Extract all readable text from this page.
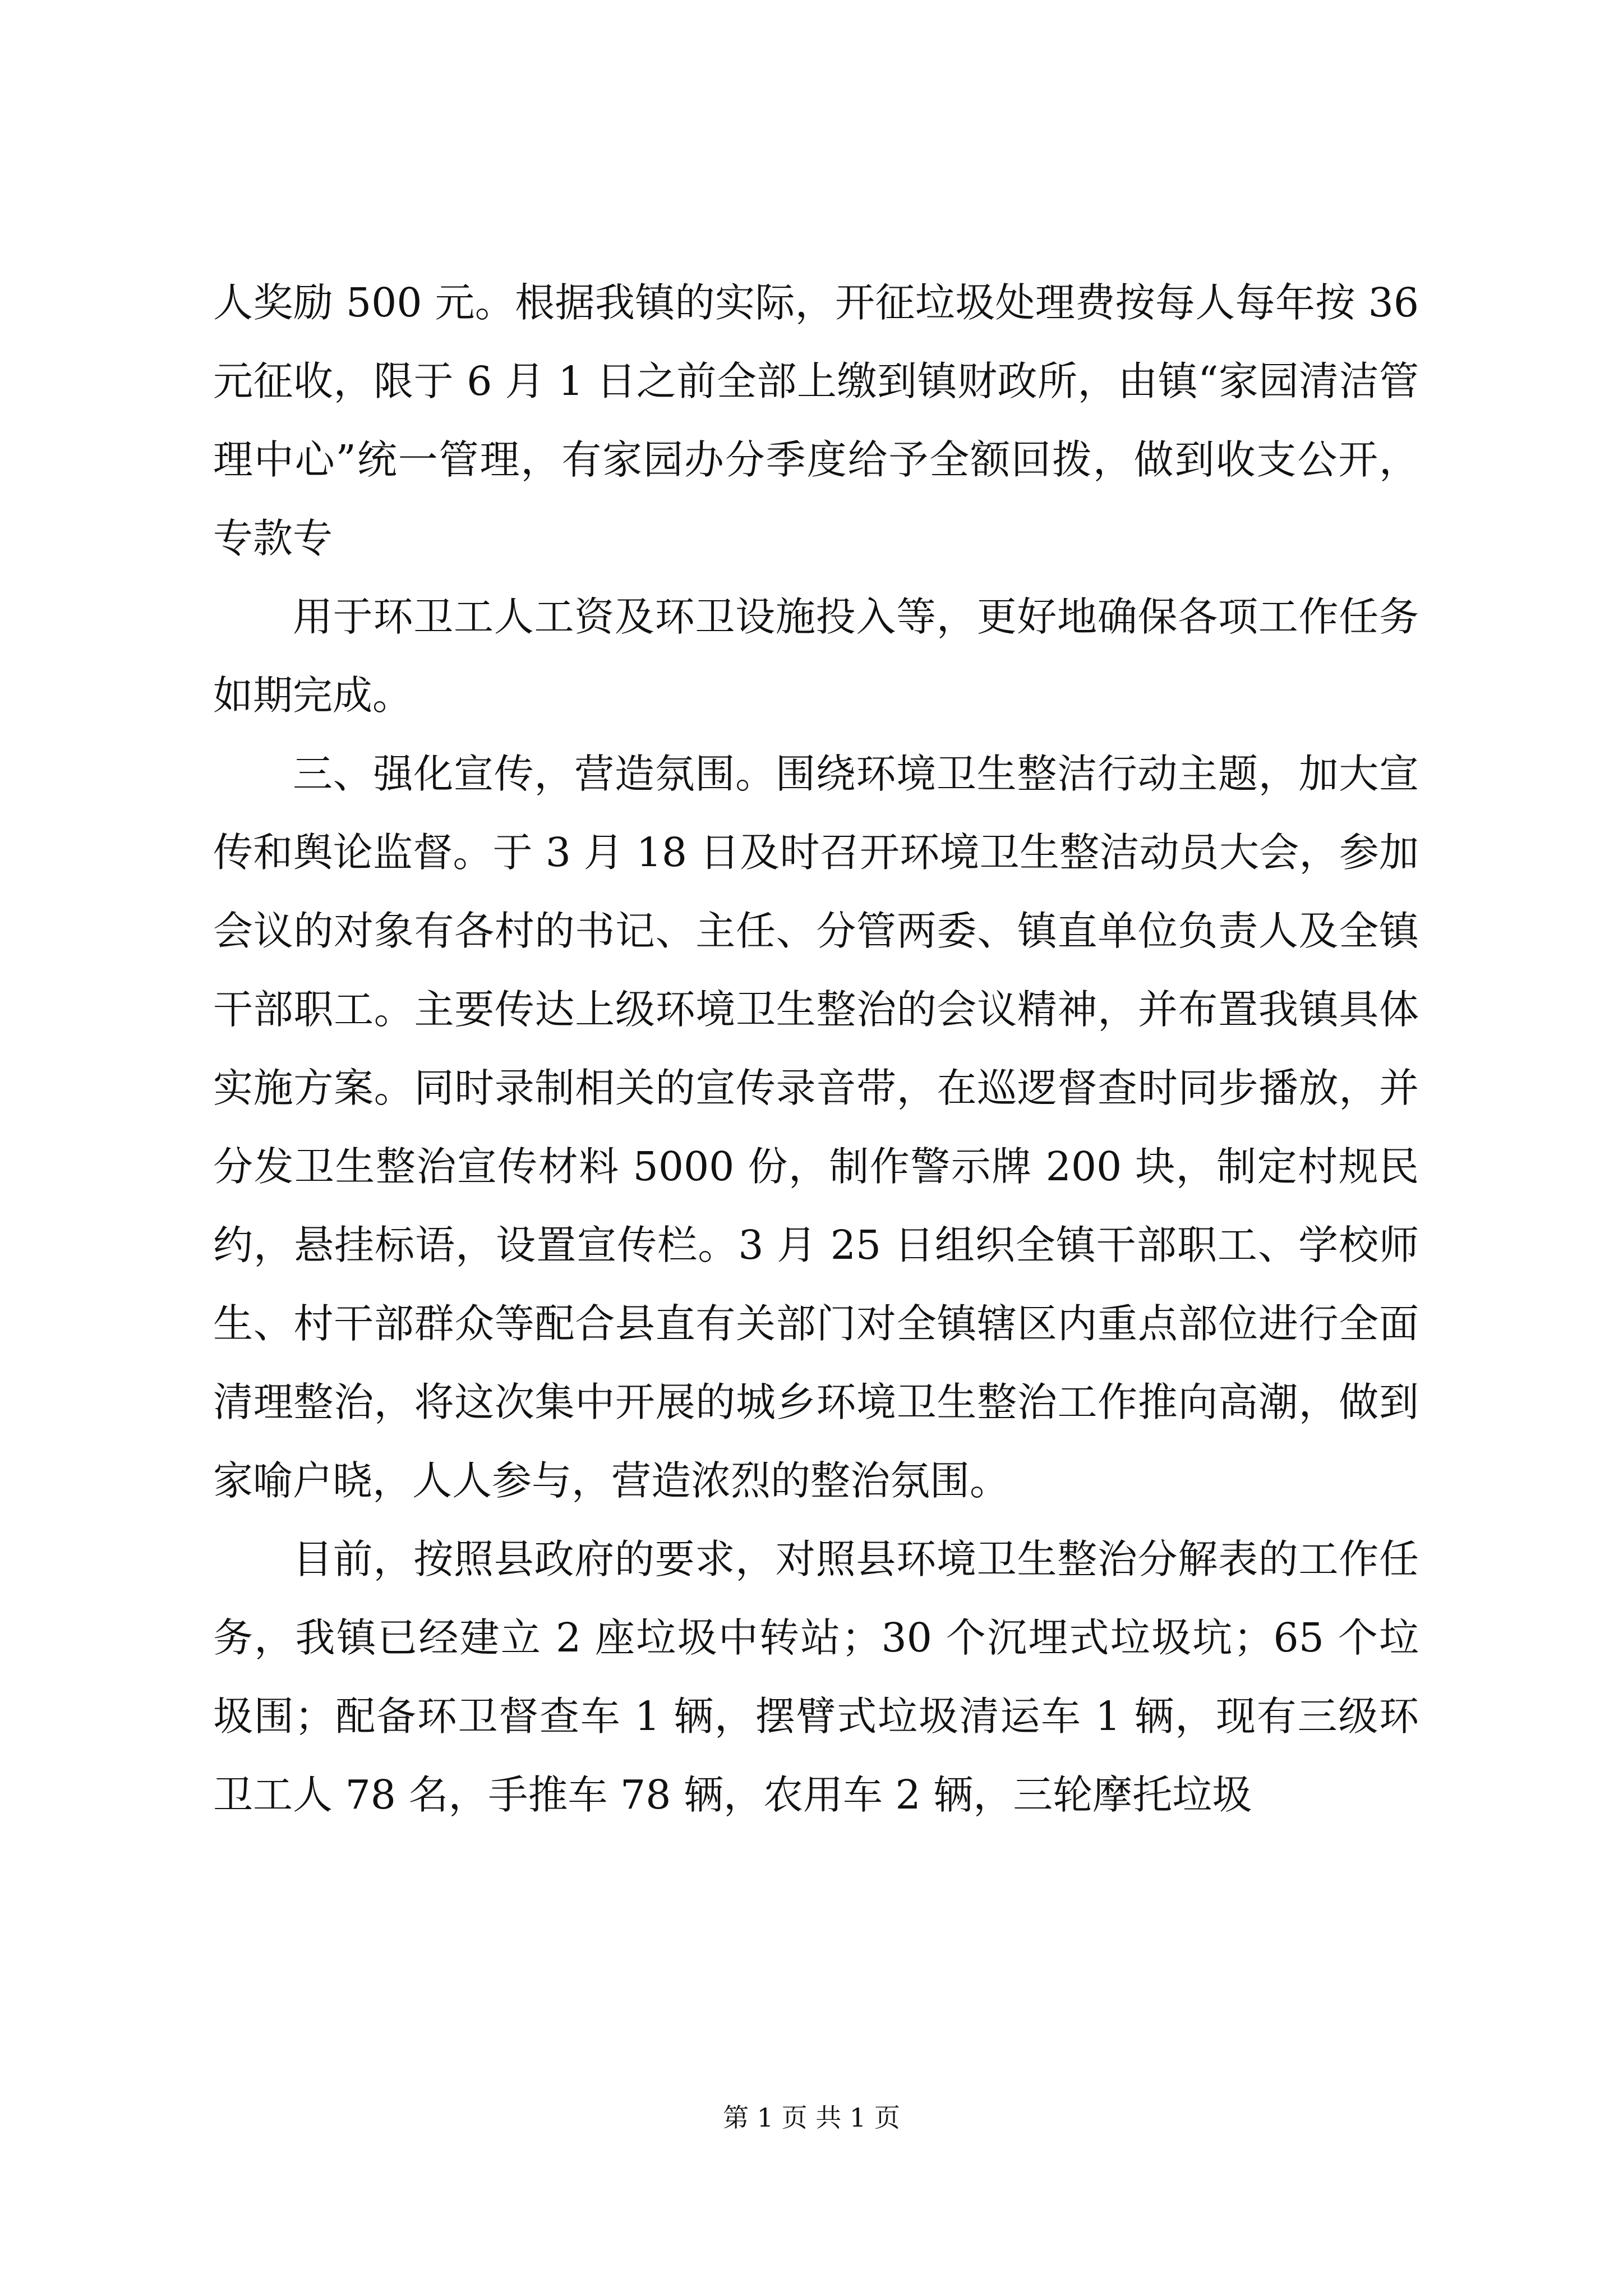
人奖励 500 元。根据我镇的实际，开征垃圾处理费按每人每年按 36 元征收，限于 6 月 1 日之前全部上缴到镇财政所，由镇“家园清洁管理中心”统一管理，有家园办分季度给予全额回拨，做到收支公开，专款专

用于环卫工人工资及环卫设施投入等，更好地确保各项工作任务如期完成。

三、强化宣传，营造氛围。围绕环境卫生整洁行动主题，加大宣传和舆论监督。于 3 月 18 日及时召开环境卫生整洁动员大会，参加会议的对象有各村的书记、主任、分管两委、镇直单位负责人及全镇干部职工。主要传达上级环境卫生整治的会议精神，并布置我镇具体实施方案。同时录制相关的宣传录音带，在巡逻督查时同步播放，并分发卫生整治宣传材料 5000 份，制作警示牌 200 块，制定村规民约，悬挂标语，设置宣传栏。3 月 25 日组织全镇干部职工、学校师生、村干部群众等配合县直有关部门对全镇辖区内重点部位进行全面清理整治，将这次集中开展的城乡环境卫生整治工作推向高潮，做到家喻户晓，人人参与，营造浓烈的整治氛围。

目前，按照县政府的要求，对照县环境卫生整治分解表的工作任务，我镇已经建立 2 座垃圾中转站；30 个沉埋式垃圾坑；65 个垃圾围；配备环卫督查车 1 辆，摆臂式垃圾清运车 1 辆，现有三级环卫工人 78 名，手推车 78 辆，农用车 2 辆，三轮摩托垃圾

第 1 页 共 1 页
